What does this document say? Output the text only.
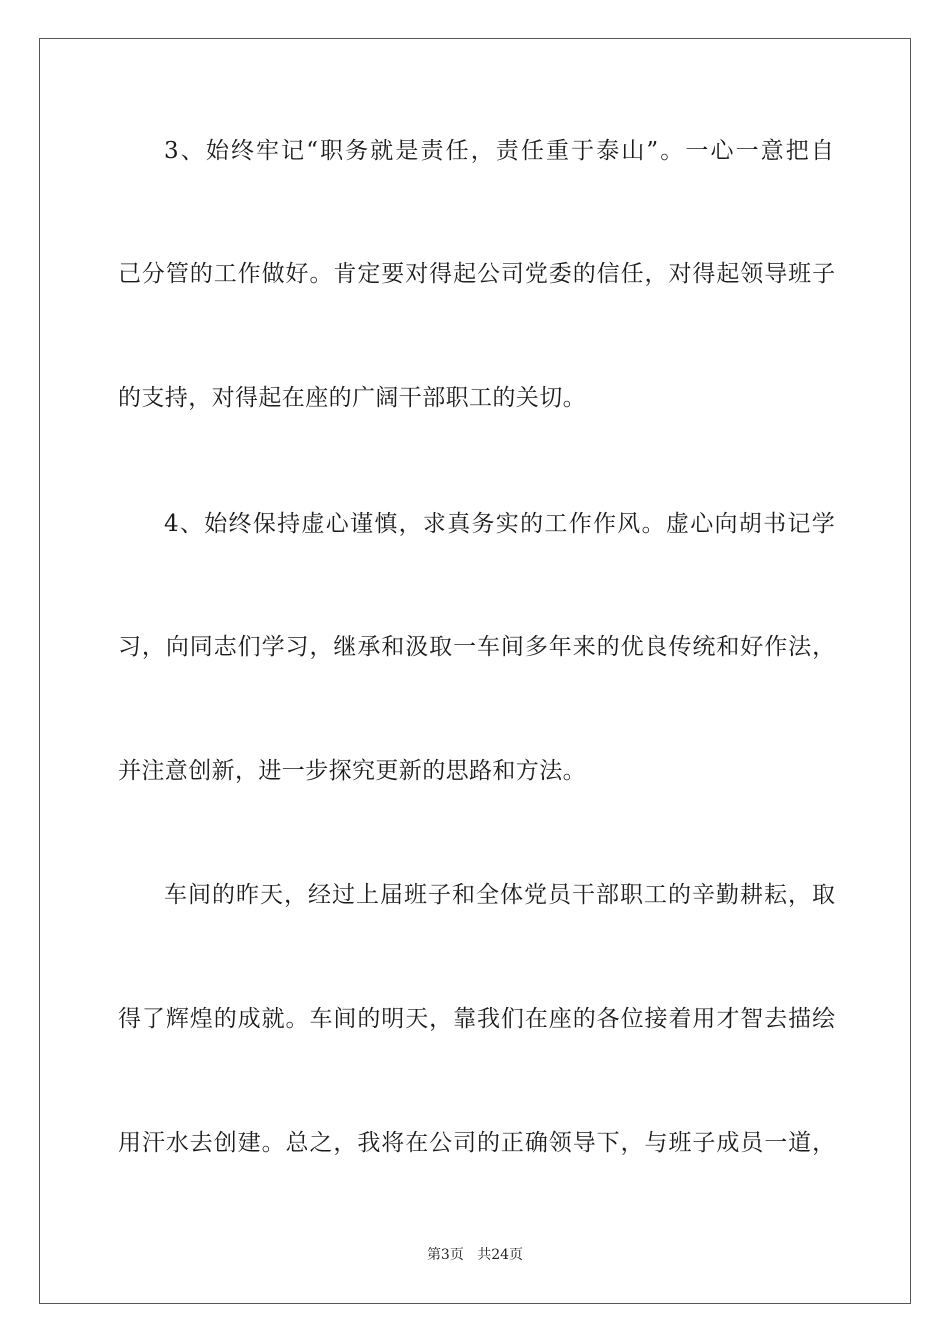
3、始终牢记“职务就是责任，责任重于泰山”。一心一意把自
己分管的工作做好。肯定要对得起公司党委的信任，对得起领导班子
的支持，对得起在座的广阔干部职工的关切。
4、始终保持虚心谨慎，求真务实的工作作风。虚心向胡书记学
习，向同志们学习，继承和汲取一车间多年来的优良传统和好作法，
并注意创新，进一步探究更新的思路和方法。
车间的昨天，经过上届班子和全体党员干部职工的辛勤耕耘，取
得了辉煌的成就。车间的明天，靠我们在座的各位接着用才智去描绘
用汗水去创建。总之，我将在公司的正确领导下，与班子成员一道，
第3页 共24页
